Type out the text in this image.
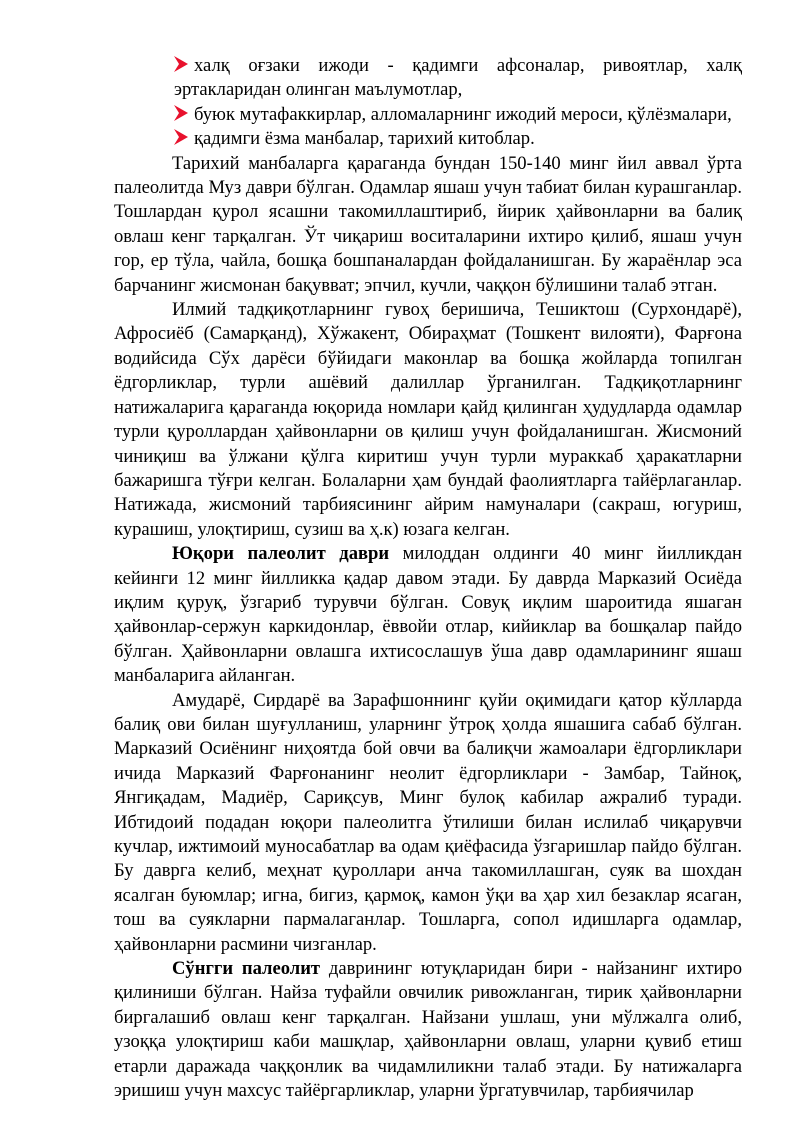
халқ оғзаки ижоди - қадимги афсоналар, ривоятлар, халқ эртакларидан олинган маълумотлар,
буюк мутафаккирлар, алломаларнинг ижодий мероси, қўлёзмалари,
қадимги ёзма манбалар, тарихий китоблар.

Тарихий манбаларга қараганда бундан 150-140 минг йил аввал ўрта палеолитда Муз даври бўлган. Одамлар яшаш учун табиат билан курашганлар. Тошлардан қурол ясашни такомиллаштириб, йирик ҳайвонларни ва балиқ овлаш кенг тарқалган. Ўт чиқариш воситаларини ихтиро қилиб, яшаш учун гор, ер тўла, чайла, бошқа бошпаналардан фойдаланишган. Бу жараёнлар эса барчанинг жисмонан бақувват; эпчил, кучли, чаққон бўлишини талаб этган.

Илмий тадқиқотларнинг гувоҳ беришича, Тешиктош (Сурхондарё), Афросиёб (Самарқанд), Хўжакент, Обираҳмат (Тошкент вилояти), Фарғона водийсида Сўх дарёси бўйидаги маконлар ва бошқа жойларда топилган ёдгорликлар, турли ашёвий далиллар ўрганилган. Тадқиқотларнинг натижаларига қараганда юқорида номлари қайд қилинган ҳудудларда одамлар турли қуроллардан ҳайвонларни ов қилиш учун фойдаланишган. Жисмоний чиниқиш ва ўлжани қўлга киритиш учун турли мураккаб ҳаракатларни бажаришга тўғри келган. Болаларни ҳам бундай фаолиятларга тайёрлаганлар. Натижада, жисмоний тарбиясининг айрим намуналари (сакраш, югуриш, курашиш, улоқтириш, сузиш ва ҳ.к) юзага келган.

Юқори палеолит даври милоддан олдинги 40 минг йилликдан кейинги 12 минг йилликка қадар давом этади. Бу даврда Марказий Осиёда иқлим қуруқ, ўзгариб турувчи бўлган. Совуқ иқлим шароитида яшаган ҳайвонлар-сержун каркидонлар, ёввойи отлар, кийиклар ва бошқалар пайдо бўлган. Ҳайвонларни овлашга ихтисослашув ўша давр одамларининг яшаш манбаларига айланган.

Амударё, Сирдарё ва Зарафшоннинг қуйи оқимидаги қатор кўлларда балиқ ови билан шуғулланиш, уларнинг ўтроқ ҳолда яшашига сабаб бўлган. Марказий Осиёнинг ниҳоятда бой овчи ва балиқчи жамоалари ёдгорликлари ичида Марказий Фарғонанинг неолит ёдгорликлари - Замбар, Тайноқ, Янгиқадам, Мадиёр, Сариқсув, Минг булоқ кабилар ажралиб туради. Ибтидоий подадан юқори палеолитга ўтилиши билан ислилаб чиқарувчи кучлар, ижтимоий муносабатлар ва одам қиёфасида ўзгаришлар пайдо бўлган. Бу даврга келиб, меҳнат қуроллари анча такомиллашган, суяк ва шохдан ясалган буюмлар; игна, бигиз, қармоқ, камон ўқи ва ҳар хил безаклар ясаган, тош ва суякларни пармалаганлар. Тошларга, сопол идишларга одамлар, ҳайвонларни расмини чизганлар.

Сўнгги палеолит даврининг ютуқларидан бири - найзанинг ихтиро қилиниши бўлган. Найза туфайли овчилик ривожланган, тирик ҳайвонларни биргалашиб овлаш кенг тарқалган. Найзани ушлаш, уни мўлжалга олиб, узоққа улоқтириш каби машқлар, ҳайвонларни овлаш, уларни қувиб етиш етарли даражада чаққонлик ва чидамлиликни талаб этади. Бу натижаларга эришиш учун махсус тайёргарликлар, уларни ўргатувчилар, тарбиячилар
